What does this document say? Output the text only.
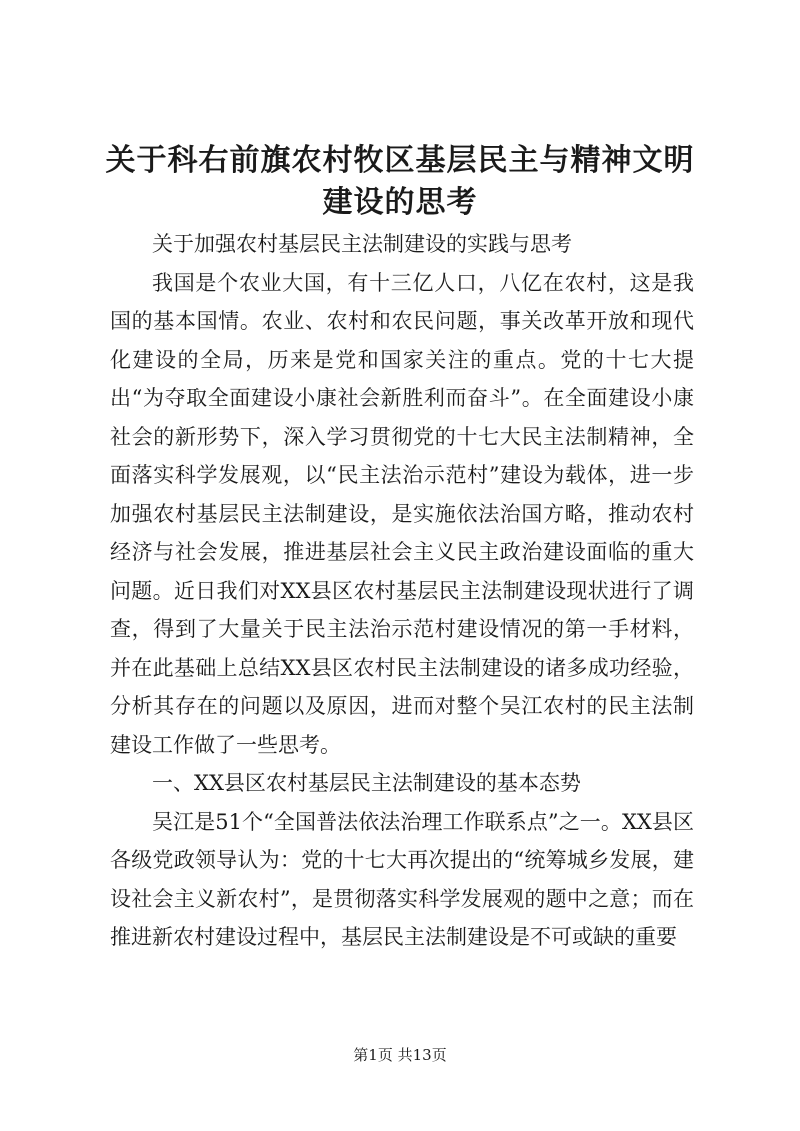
关于科右前旗农村牧区基层民主与精神文明建设的思考

关于加强农村基层民主法制建设的实践与思考

我国是个农业大国，有十三亿人口，八亿在农村，这是我国的基本国情。农业、农村和农民问题，事关改革开放和现代化建设的全局，历来是党和国家关注的重点。党的十七大提出“为夺取全面建设小康社会新胜利而奋斗”。在全面建设小康社会的新形势下，深入学习贯彻党的十七大民主法制精神，全面落实科学发展观，以“民主法治示范村”建设为载体，进一步加强农村基层民主法制建设，是实施依法治国方略，推动农村经济与社会发展，推进基层社会主义民主政治建设面临的重大问题。近日我们对XX县区农村基层民主法制建设现状进行了调查，得到了大量关于民主法治示范村建设情况的第一手材料，并在此基础上总结XX县区农村民主法制建设的诸多成功经验，分析其存在的问题以及原因，进而对整个吴江农村的民主法制建设工作做了一些思考。

一、XX县区农村基层民主法制建设的基本态势

吴江是51个“全国普法依法治理工作联系点”之一。XX县区各级党政领导认为：党的十七大再次提出的“统筹城乡发展，建设社会主义新农村”，是贯彻落实科学发展观的题中之意；而在推进新农村建设过程中，基层民主法制建设是不可或缺的重要

第1页 共13页
